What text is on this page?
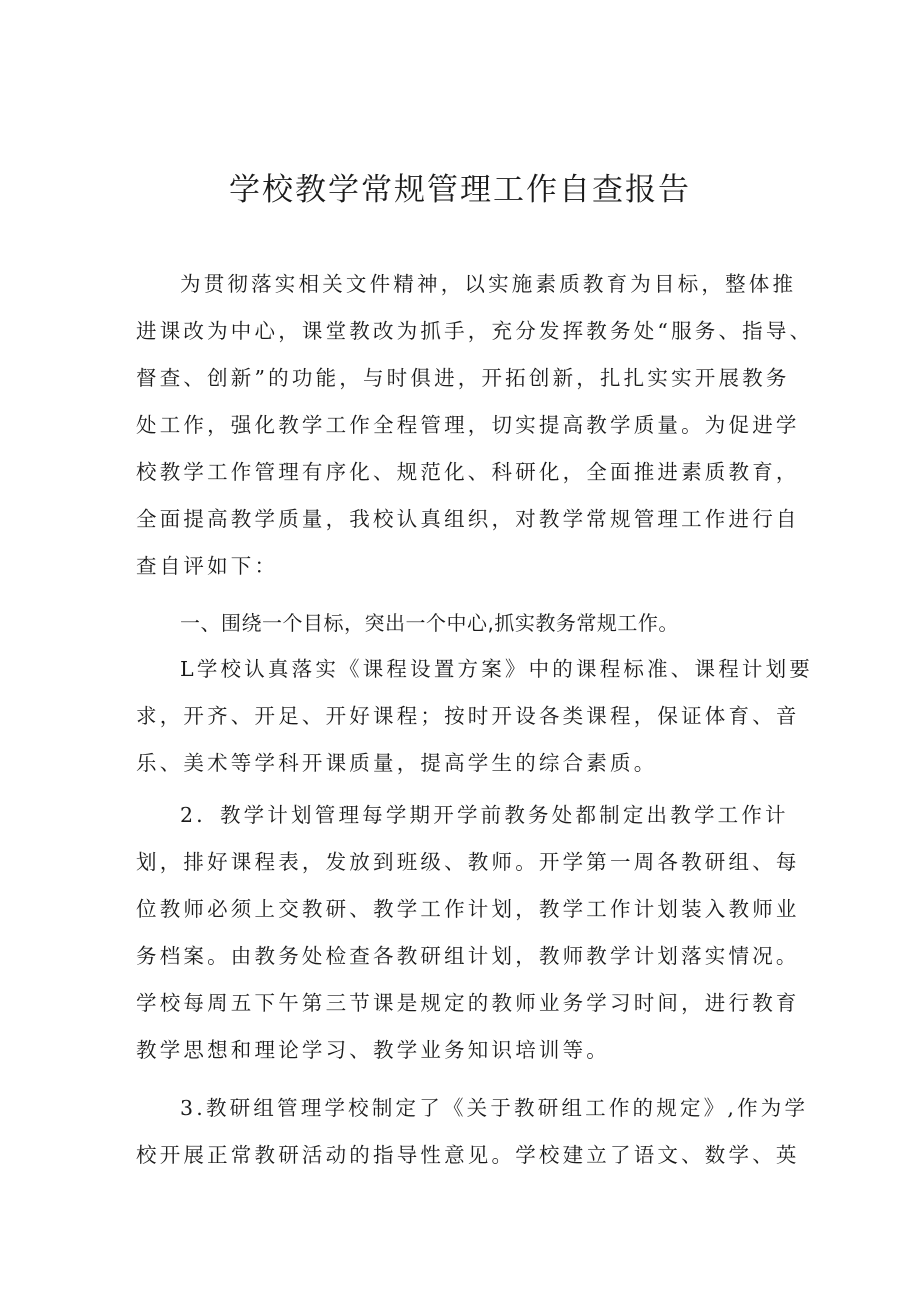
学校教学常规管理工作自查报告
为贯彻落实相关文件精神，以实施素质教育为目标，整体推
进课改为中心，课堂教改为抓手，充分发挥教务处“服务、指导、
督查、创新”的功能，与时俱进，开拓创新，扎扎实实开展教务
处工作，强化教学工作全程管理，切实提高教学质量。为促进学
校教学工作管理有序化、规范化、科研化，全面推进素质教育，
全面提高教学质量，我校认真组织，对教学常规管理工作进行自
查自评如下：
一、围绕一个目标，突出一个中心,抓实教务常规工作。
L学校认真落实《课程设置方案》中的课程标准、课程计划要
求，开齐、开足、开好课程；按时开设各类课程，保证体育、音
乐、美术等学科开课质量，提高学生的综合素质。
2．教学计划管理每学期开学前教务处都制定出教学工作计
划，排好课程表，发放到班级、教师。开学第一周各教研组、每
位教师必须上交教研、教学工作计划，教学工作计划装入教师业
务档案。由教务处检查各教研组计划，教师教学计划落实情况。
学校每周五下午第三节课是规定的教师业务学习时间，进行教育
教学思想和理论学习、教学业务知识培训等。
3.教研组管理学校制定了《关于教研组工作的规定》,作为学
校开展正常教研活动的指导性意见。学校建立了语文、数学、英
